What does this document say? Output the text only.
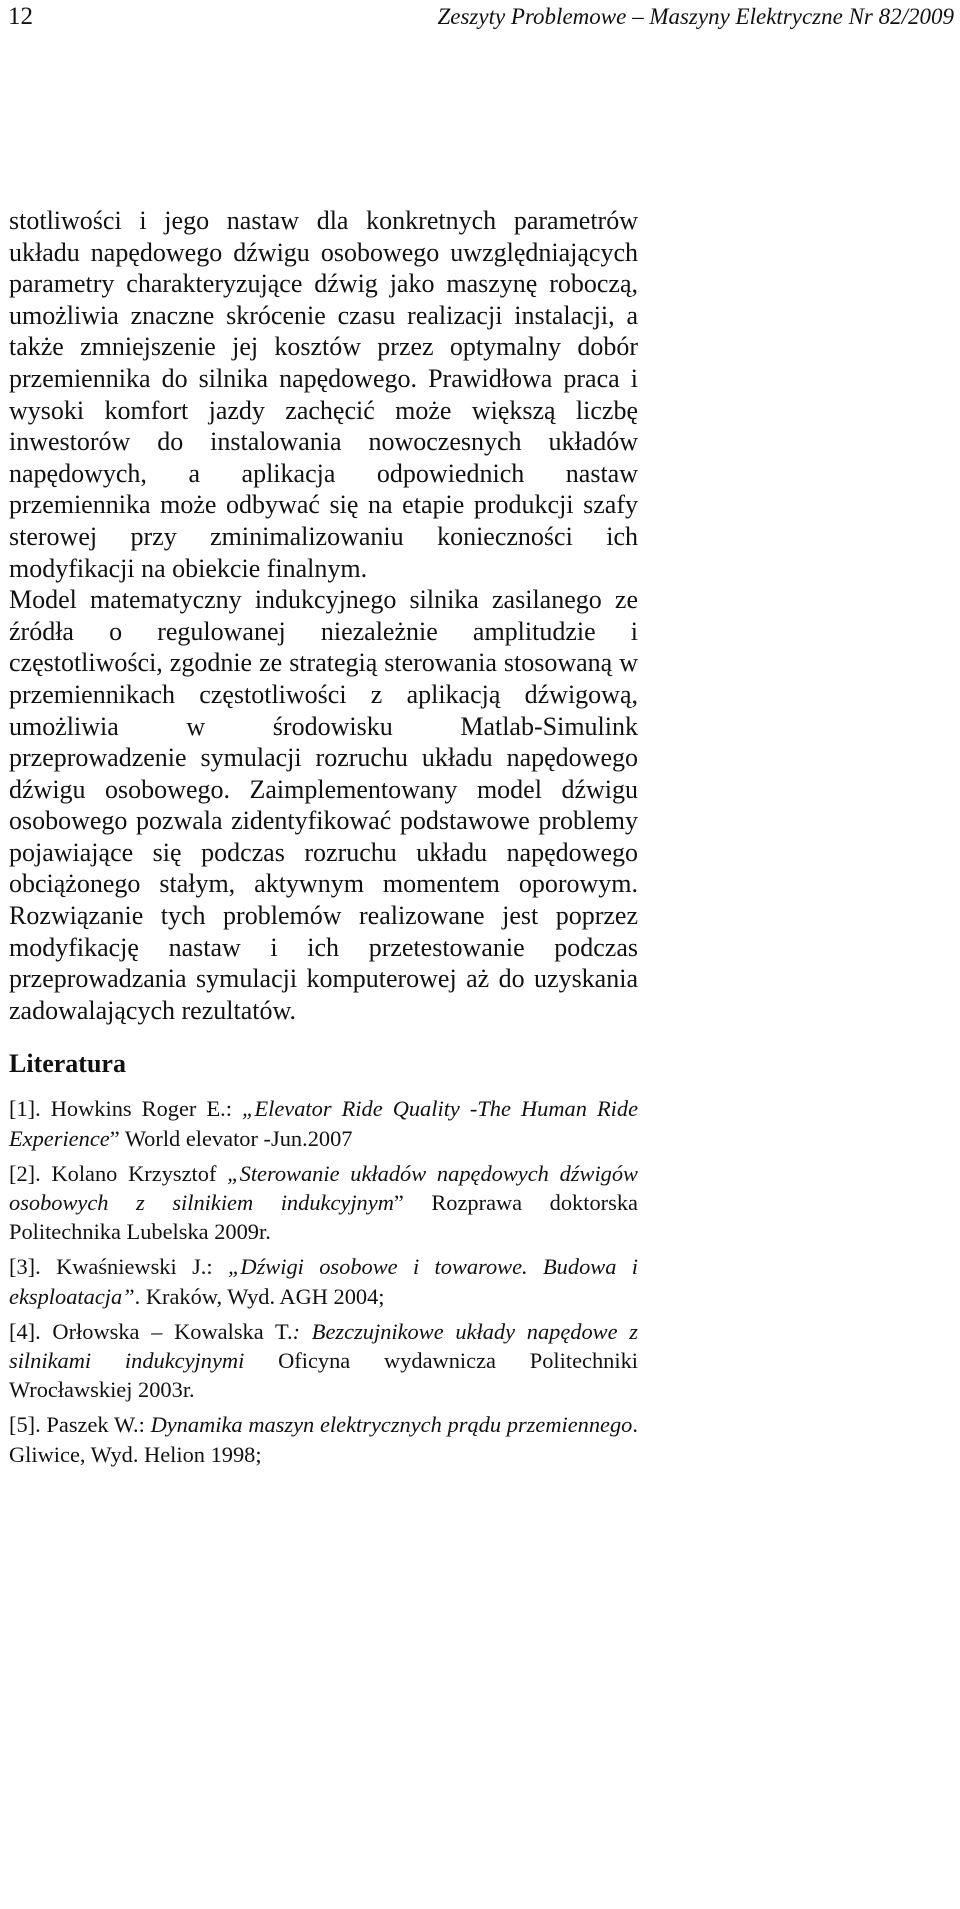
12	Zeszyty Problemowe – Maszyny Elektryczne Nr 82/2009

stotliwości i jego nastaw dla konkretnych parametrów układu napędowego dźwigu osobowego uwzględniających parametry charakteryzujące dźwig jako maszynę roboczą, umożliwia znaczne skrócenie czasu realizacji instalacji, a także zmniejszenie jej kosztów przez optymalny dobór przemiennika do silnika napędowego. Prawidłowa praca i wysoki komfort jazdy zachęcić może większą liczbę inwestorów do instalowania nowoczesnych układów napędowych, a aplikacja odpowiednich nastaw przemiennika może odbywać się na etapie produkcji szafy sterowej przy zminimalizowaniu konieczności ich modyfikacji na obiekcie finalnym.

Model matematyczny indukcyjnego silnika zasilanego ze źródła o regulowanej niezależnie amplitudzie i częstotliwości, zgodnie ze strategią sterowania stosowaną w przemiennikach częstotliwości z aplikacją dźwigową, umożliwia w środowisku Matlab-Simulink przeprowadzenie symulacji rozruchu układu napędowego dźwigu osobowego. Zaimplementowany model dźwigu osobowego pozwala zidentyfikować podstawowe problemy pojawiające się podczas rozruchu układu napędowego obciążonego stałym, aktywnym momentem oporowym. Rozwiązanie tych problemów realizowane jest poprzez modyfikację nastaw i ich przetestowanie podczas przeprowadzania symulacji komputerowej aż do uzyskania zadowalających rezultatów.

Literatura
[1]. Howkins Roger E.: „Elevator Ride Quality -The Human Ride Experience” World elevator -Jun.2007
[2]. Kolano Krzysztof „Sterowanie układów napędowych dźwigów osobowych z silnikiem indukcyjnym” Rozprawa doktorska Politechnika Lubelska 2009r.
[3]. Kwaśniewski J.: „Dźwigi osobowe i towarowe. Budowa i eksploatacja”. Kraków, Wyd. AGH 2004;
[4]. Orłowska – Kowalska T.: Bezczujnikowe układy napędowe z silnikami indukcyjnymi Oficyna wydawnicza Politechniki Wrocławskiej 2003r.
[5]. Paszek W.: Dynamika maszyn elektrycznych prądu przemiennego. Gliwice, Wyd. Helion 1998;
